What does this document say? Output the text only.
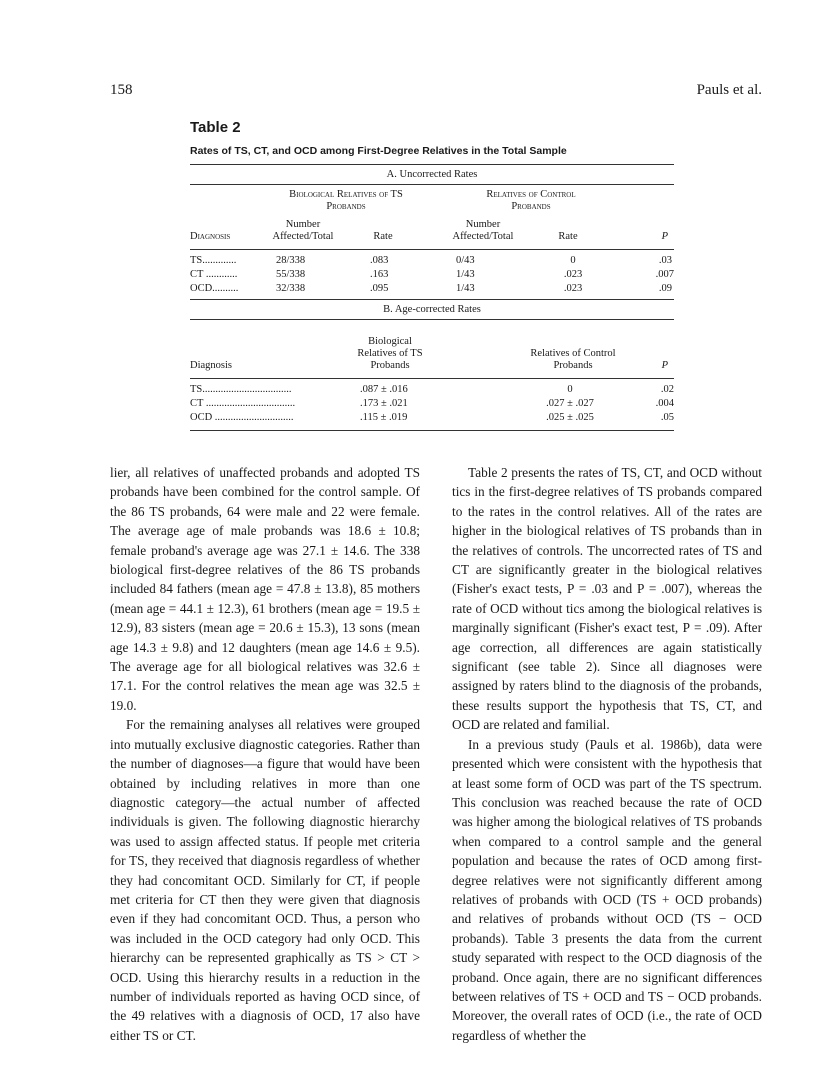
158	Pauls et al.
Table 2
Rates of TS, CT, and OCD among First-Degree Relatives in the Total Sample
A. Uncorrected Rates
	Biological Relatives of TS Probands			Relatives of Control Probands		
Diagnosis	Number Affected/Total	Rate		Number Affected/Total	Rate	P

TS.............	28/338	.083		0/43	0	.03
CT ............	55/338	.163		1/43	.023	.007
OCD..........	32/338	.095		1/43	.023	.09
B. Age-corrected Rates
Diagnosis	Biological Relatives of TS Probands		Relatives of Control Probands	P

TS..................................	.087 ± .016		0	.02
CT ..................................	.173 ± .021		.027 ± .027	.004
OCD ..............................	.115 ± .019		.025 ± .025	.05

lier, all relatives of unaffected probands and adopted TS probands have been combined for the control sample. Of the 86 TS probands, 64 were male and 22 were female. The average age of male probands was 18.6 ± 10.8; female proband's average age was 27.1 ± 14.6. The 338 biological first-degree relatives of the 86 TS probands included 84 fathers (mean age = 47.8 ± 13.8), 85 mothers (mean age = 44.1 ± 12.3), 61 brothers (mean age = 19.5 ± 12.9), 83 sisters (mean age = 20.6 ± 15.3), 13 sons (mean age 14.3 ± 9.8) and 12 daughters (mean age 14.6 ± 9.5). The average age for all biological relatives was 32.6 ± 17.1. For the control relatives the mean age was 32.5 ± 19.0.

For the remaining analyses all relatives were grouped into mutually exclusive diagnostic categories. Rather than the number of diagnoses—a figure that would have been obtained by including relatives in more than one diagnostic category—the actual number of affected individuals is given. The following diagnostic hierarchy was used to assign affected status. If people met criteria for TS, they received that diagnosis regardless of whether they had concomitant OCD. Similarly for CT, if people met criteria for CT then they were given that diagnosis even if they had concomitant OCD. Thus, a person who was included in the OCD category had only OCD. This hierarchy can be represented graphically as TS > CT > OCD. Using this hierarchy results in a reduction in the number of individuals reported as having OCD since, of the 49 relatives with a diagnosis of OCD, 17 also have either TS or CT.

Table 2 presents the rates of TS, CT, and OCD without tics in the first-degree relatives of TS probands compared to the rates in the control relatives. All of the rates are higher in the biological relatives of TS probands than in the relatives of controls. The uncorrected rates of TS and CT are significantly greater in the biological relatives (Fisher's exact tests, P = .03 and P = .007), whereas the rate of OCD without tics among the biological relatives is marginally significant (Fisher's exact test, P = .09). After age correction, all differences are again statistically significant (see table 2). Since all diagnoses were assigned by raters blind to the diagnosis of the probands, these results support the hypothesis that TS, CT, and OCD are related and familial.

In a previous study (Pauls et al. 1986b), data were presented which were consistent with the hypothesis that at least some form of OCD was part of the TS spectrum. This conclusion was reached because the rate of OCD was higher among the biological relatives of TS probands when compared to a control sample and the general population and because the rates of OCD among first-degree relatives were not significantly different among relatives of probands with OCD (TS + OCD probands) and relatives of probands without OCD (TS − OCD probands). Table 3 presents the data from the current study separated with respect to the OCD diagnosis of the proband. Once again, there are no significant differences between relatives of TS + OCD and TS − OCD probands. Moreover, the overall rates of OCD (i.e., the rate of OCD regardless of whether the
